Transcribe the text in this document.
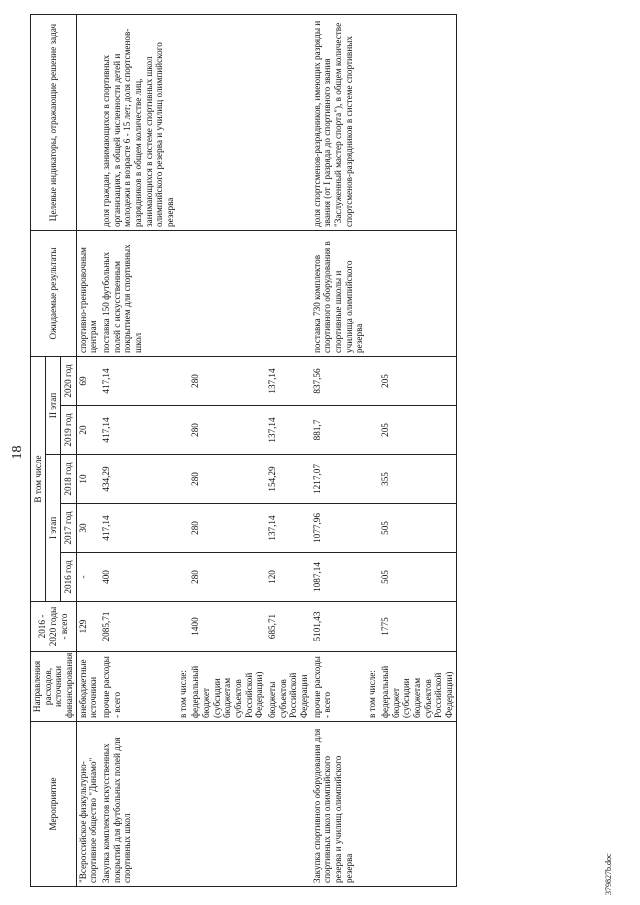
18
Мероприятие	Направления расходов, источники финансирования	2016 - 2020 годы - всего	В том числе					Ожидаемые результаты	Целевые индикаторы, отражающие решение задач
			I этап			II этап			
			2016 год	2017 год	2018 год	2019 год	2020 год		
"Всероссийское физкультурно-спортивное общество "Динамо"	внебюджетные источники	129	-	30	10	20	69	спортивно-тренировочным центрам	
Закупка комплектов искусственных покрытий для футбольных полей для спортивных школ	прочие расходы - всего	2085,71	400	417,14	434,29	417,14	417,14	поставка 150 футбольных полей с искусственным покрытием для спортивных школ	доля граждан, занимающихся в спортивных организациях, в общей численности детей и молодежи в возрасте 6 - 15 лет; доля спортсменов-разрядников в общем количестве лиц, занимающихся в системе спортивных школ олимпийского резерва и училищ олимпийского резерва
	в том числе:								
	федеральный бюджет (субсидии бюджетам субъектов Российской Федерации)	1400	280	280	280	280	280		
	бюджеты субъектов Российской Федерации	685,71	120	137,14	154,29	137,14	137,14		
Закупка спортивного оборудования для спортивных школ олимпийского резерва и училищ олимпийского резерва	прочие расходы - всего	5101,43	1087,14	1077,96	1217,07	881,7	837,56	поставка 730 комплектов спортивного оборудования в спортивные школы и училища олимпийского резерва	доля спортсменов-разрядников, имеющих разряды и звания (от I разряда до спортивного звания "Заслуженный мастер спорта"), в общем количестве спортсменов-разрядников в системе спортивных
	в том числе:								
	федеральный бюджет (субсидии бюджетам субъектов Российской Федерации)	1775	505	505	355	205	205		
379827b.doc
